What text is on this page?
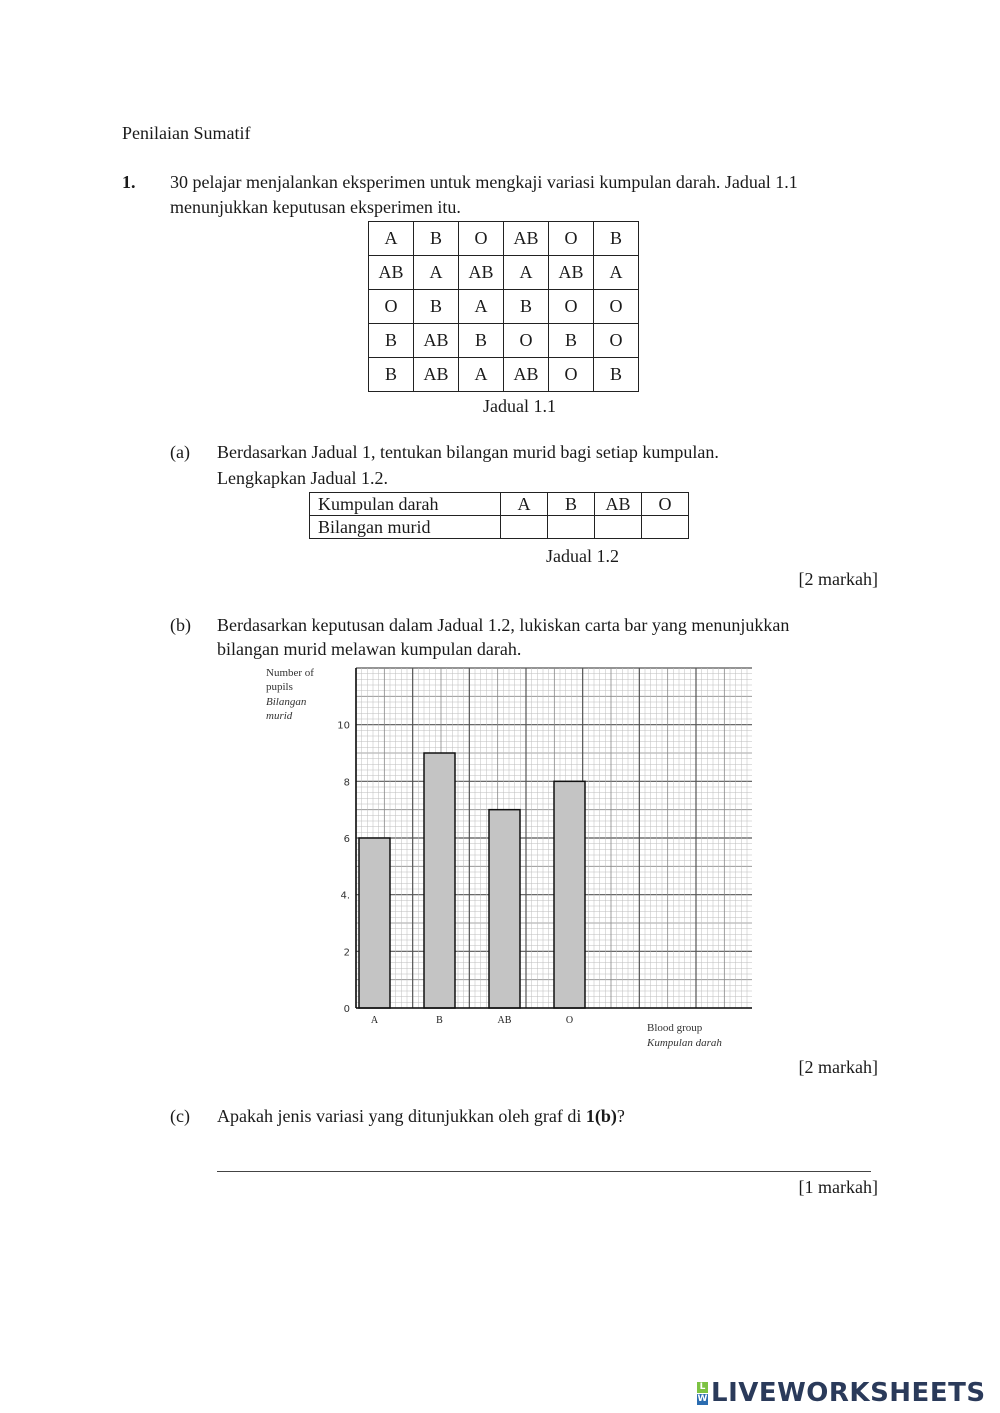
Penilaian Sumatif
1. 30 pelajar menjalankan eksperimen untuk mengkaji variasi kumpulan darah. Jadual 1.1
menunjukkan keputusan eksperimen itu.
A	B	O	AB	O	B
AB	A	AB	A	AB	A
O	B	A	B	O	O
B	AB	B	O	B	O
B	AB	A	AB	O	B
Jadual 1.1
(a) Berdasarkan Jadual 1, tentukan bilangan murid bagi setiap kumpulan.
Lengkapkan Jadual 1.2.
Kumpulan darah	A	B	AB	O
Bilangan murid				
Jadual 1.2
[2 markah]
(b) Berdasarkan keputusan dalam Jadual 1.2, lukiskan carta bar yang menunjukkan
bilangan murid melawan kumpulan darah.
A	B	AB	O
0
2
4.
6
8
10
Number of
pupils
Bilangan
murid
Blood group
Kumpulan darah
[2 markah]
(c) Apakah jenis variasi yang ditunjukkan oleh graf di 1(b)?
[1 markah]
L
W LIVEWORKSHEETS
